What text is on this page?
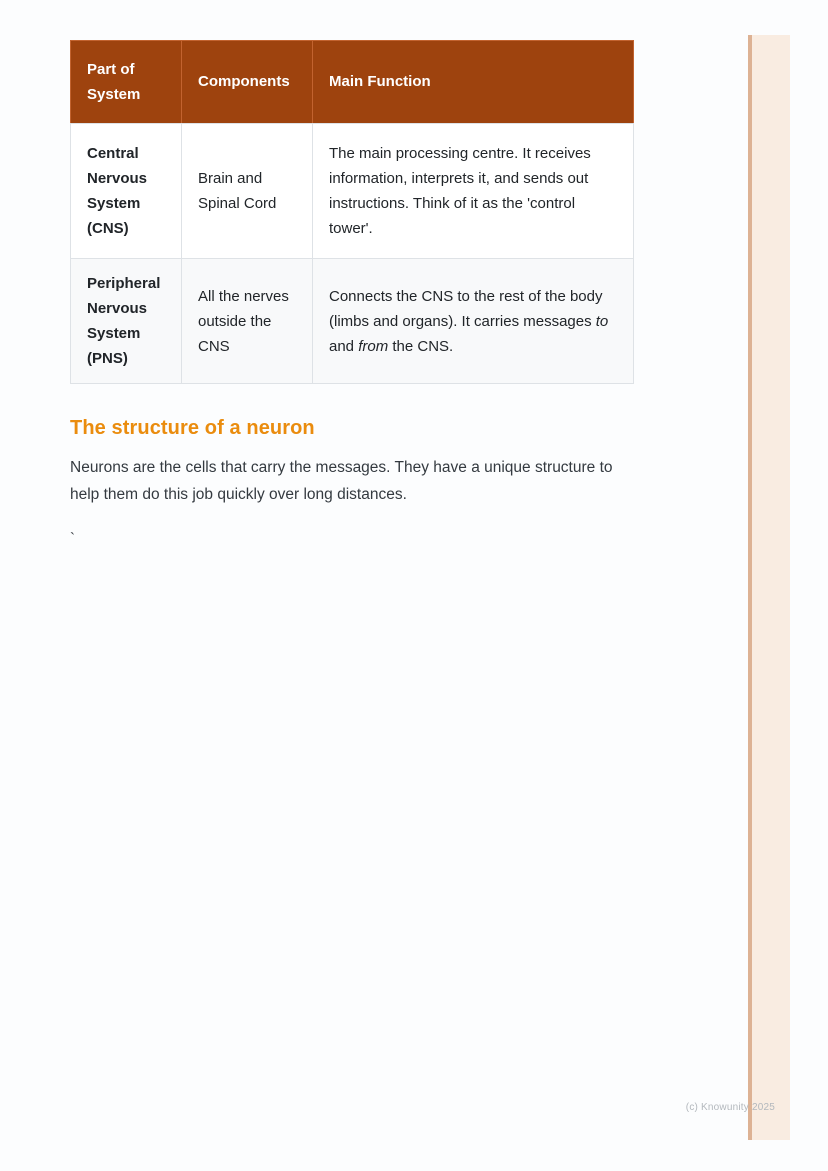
Part of System	Components	Main Function
Central Nervous System (CNS)	Brain and Spinal Cord	The main processing centre. It receives information, interprets it, and sends out instructions. Think of it as the 'control tower'.
Peripheral Nervous System (PNS)	All the nerves outside the CNS	Connects the CNS to the rest of the body (limbs and organs). It carries messages to and from the CNS.
The structure of a neuron

Neurons are the cells that carry the messages. They have a unique structure to help them do this job quickly over long distances.

`

(c) Knowunity 2025
